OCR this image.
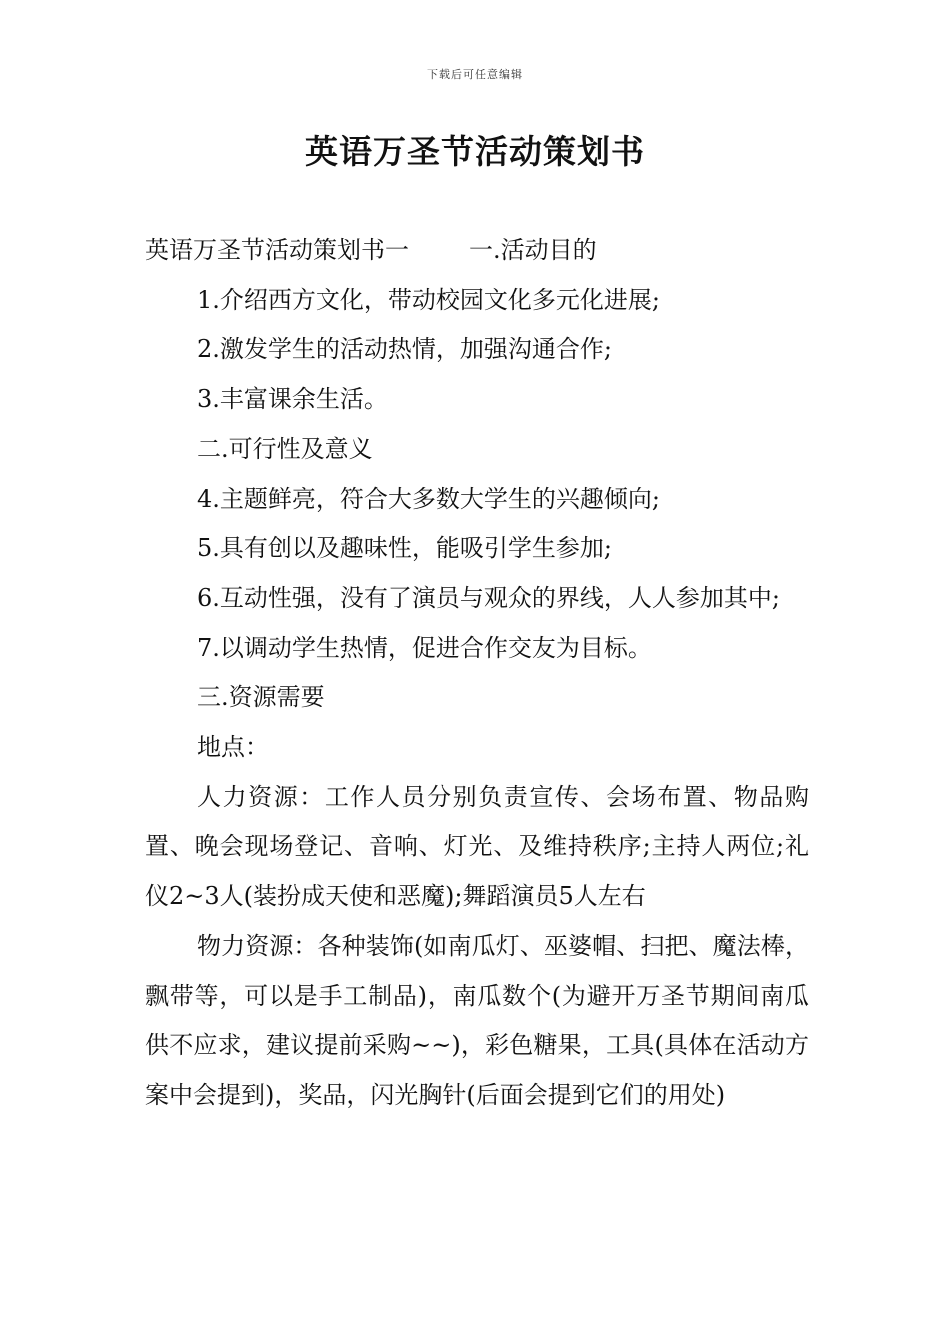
下载后可任意编辑
英语万圣节活动策划书

英语万圣节活动策划书一	一.活动目的

1.介绍西方文化，带动校园文化多元化进展;

2.激发学生的活动热情，加强沟通合作;

3.丰富课余生活。

二.可行性及意义

4.主题鲜亮，符合大多数大学生的兴趣倾向;

5.具有创以及趣味性，能吸引学生参加;

6.互动性强，没有了演员与观众的界线，人人参加其中;

7.以调动学生热情，促进合作交友为目标。

三.资源需要

地点：

人力资源：工作人员分别负责宣传、会场布置、物品购置、晚会现场登记、音响、灯光、及维持秩序;主持人两位;礼仪2~3人(装扮成天使和恶魔);舞蹈演员5人左右

物力资源：各种装饰(如南瓜灯、巫婆帽、扫把、魔法棒，飘带等，可以是手工制品)，南瓜数个(为避开万圣节期间南瓜供不应求，建议提前采购~~)，彩色糖果，工具(具体在活动方案中会提到)，奖品，闪光胸针(后面会提到它们的用处)
